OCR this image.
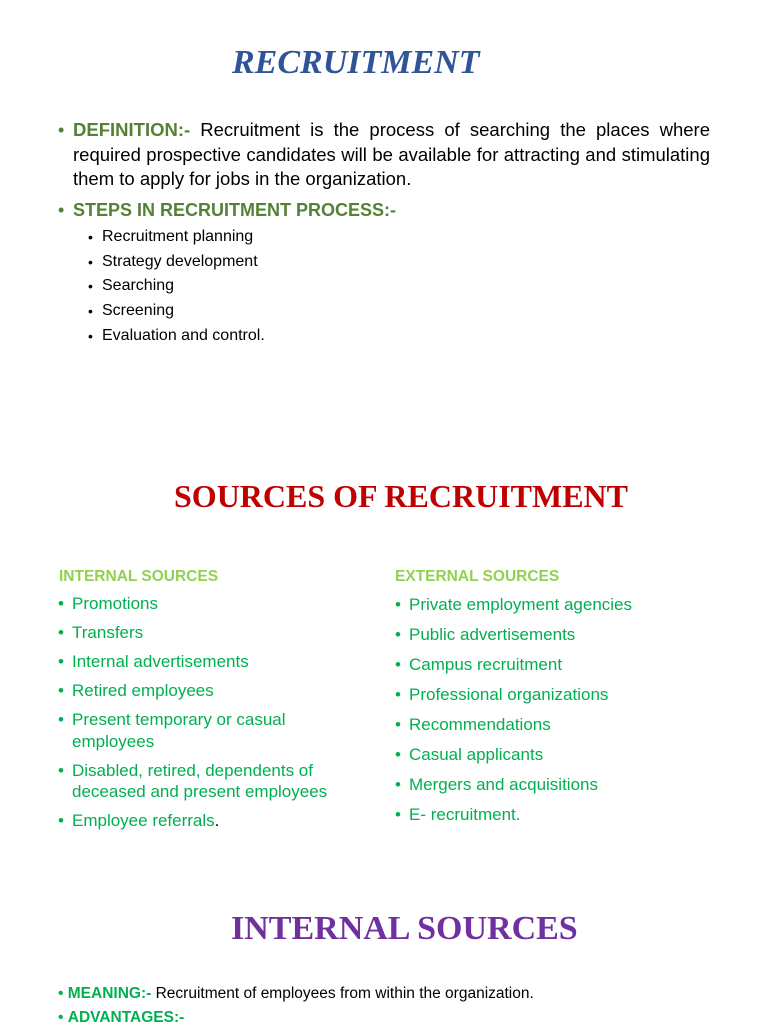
RECRUITMENT
• DEFINITION:- Recruitment is the process of searching the places where required prospective candidates will be available for attracting and stimulating them to apply for jobs in the organization.
• STEPS IN RECRUITMENT PROCESS:-
• Recruitment planning
• Strategy development
• Searching
• Screening
• Evaluation and control.
SOURCES OF RECRUITMENT
INTERNAL SOURCES	EXTERNAL SOURCES
• Promotions
• Transfers
• Internal advertisements
• Retired employees
• Present temporary or casual employees
• Disabled, retired, dependents of deceased and present employees
• Employee referrals.
• Private employment agencies
• Public advertisements
• Campus recruitment
• Professional organizations
• Recommendations
• Casual applicants
• Mergers and acquisitions
• E- recruitment.
INTERNAL SOURCES
• MEANING:- Recruitment of employees from within the organization.
• ADVANTAGES:-
